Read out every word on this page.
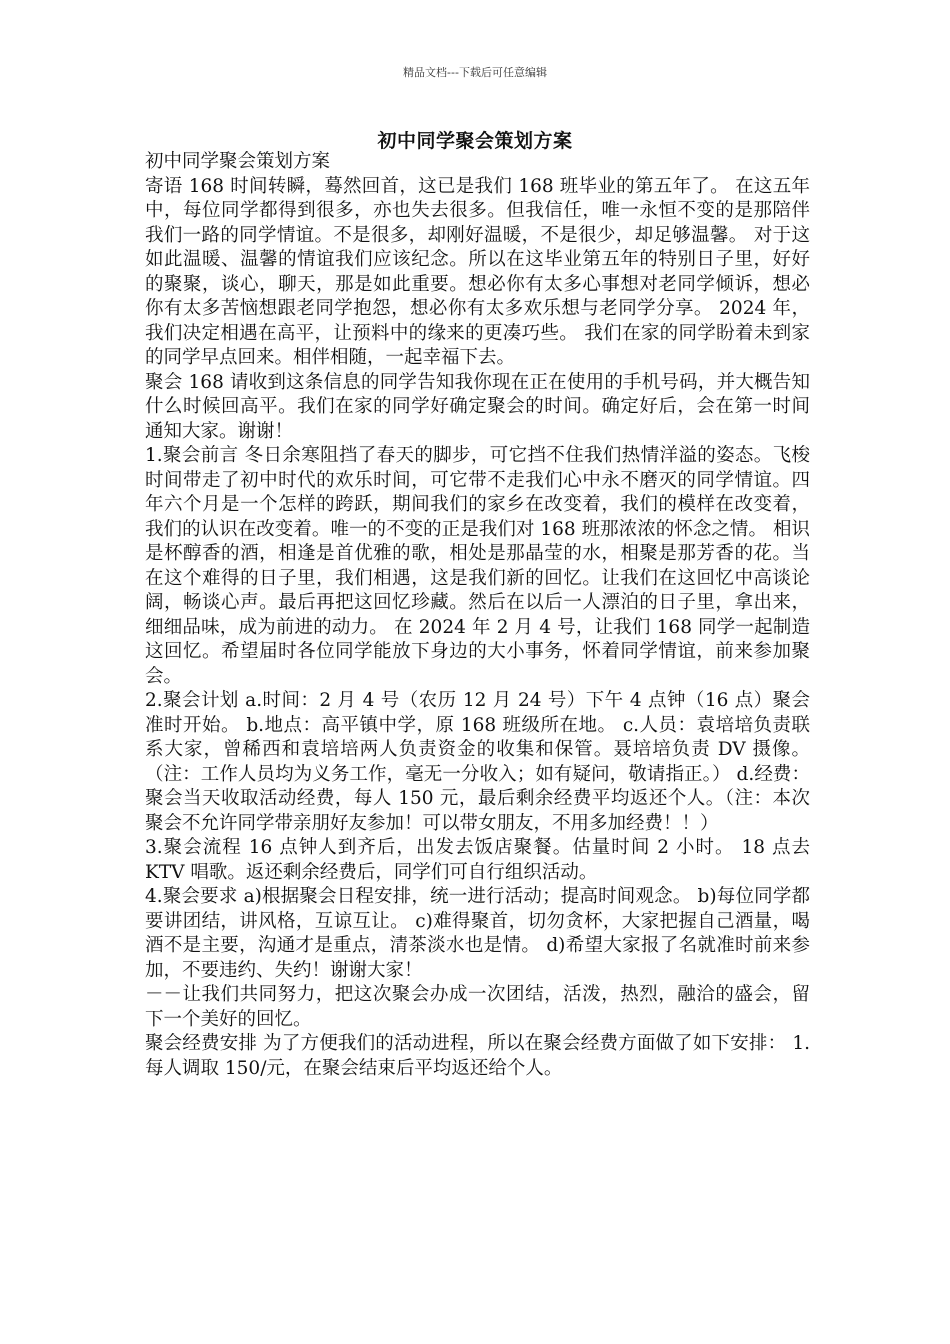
精品文档---下载后可任意编辑
初中同学聚会策划方案

初中同学聚会策划方案

寄语 168 时间转瞬，蓦然回首，这已是我们 168 班毕业的第五年了。 在这五年中，每位同学都得到很多，亦也失去很多。但我信任，唯一永恒不变的是那陪伴我们一路的同学情谊。不是很多，却刚好温暖，不是很少，却足够温馨。 对于这如此温暖、温馨的情谊我们应该纪念。所以在这毕业第五年的特别日子里，好好的聚聚，谈心，聊天，那是如此重要。想必你有太多心事想对老同学倾诉，想必你有太多苦恼想跟老同学抱怨，想必你有太多欢乐想与老同学分享。 2024 年，我们决定相遇在高平，让预料中的缘来的更凑巧些。 我们在家的同学盼着未到家的同学早点回来。相伴相随，一起幸福下去。

聚会 168 请收到这条信息的同学告知我你现在正在使用的手机号码，并大概告知什么时候回高平。我们在家的同学好确定聚会的时间。确定好后，会在第一时间通知大家。谢谢！

1.聚会前言 冬日余寒阻挡了春天的脚步，可它挡不住我们热情洋溢的姿态。飞梭时间带走了初中时代的欢乐时间，可它带不走我们心中永不磨灭的同学情谊。四年六个月是一个怎样的跨跃，期间我们的家乡在改变着，我们的模样在改变着，我们的认识在改变着。唯一的不变的正是我们对 168 班那浓浓的怀念之情。 相识是杯醇香的酒，相逢是首优雅的歌，相处是那晶莹的水，相聚是那芳香的花。当在这个难得的日子里，我们相遇，这是我们新的回忆。让我们在这回忆中高谈论阔，畅谈心声。最后再把这回忆珍藏。然后在以后一人漂泊的日子里，拿出来，细细品味，成为前进的动力。 在 2024 年 2 月 4 号，让我们 168 同学一起制造这回忆。希望届时各位同学能放下身边的大小事务，怀着同学情谊，前来参加聚会。

2.聚会计划 a.时间：2 月 4 号（农历 12 月 24 号）下午 4 点钟（16 点）聚会准时开始。 b.地点：高平镇中学，原 168 班级所在地。 c.人员：袁培培负责联系大家，曾稀西和袁培培两人负责资金的收集和保管。聂培培负责 DV 摄像。（注：工作人员均为义务工作，毫无一分收入；如有疑问，敬请指正。） d.经费：聚会当天收取活动经费，每人 150 元，最后剩余经费平均返还个人。（注：本次聚会不允许同学带亲朋好友参加！可以带女朋友，不用多加经费！！）

3.聚会流程 16 点钟人到齐后，出发去饭店聚餐。估量时间 2 小时。 18 点去 KTV 唱歌。返还剩余经费后，同学们可自行组织活动。

4.聚会要求 a)根据聚会日程安排，统一进行活动；提高时间观念。 b)每位同学都要讲团结，讲风格，互谅互让。 c)难得聚首，切勿贪杯，大家把握自己酒量，喝酒不是主要，沟通才是重点，清茶淡水也是情。 d)希望大家报了名就准时前来参加，不要违约、失约！谢谢大家！

－－让我们共同努力，把这次聚会办成一次团结，活泼，热烈，融洽的盛会，留下一个美好的回忆。

聚会经费安排 为了方便我们的活动进程，所以在聚会经费方面做了如下安排： 1.每人调取 150/元，在聚会结束后平均返还给个人。
